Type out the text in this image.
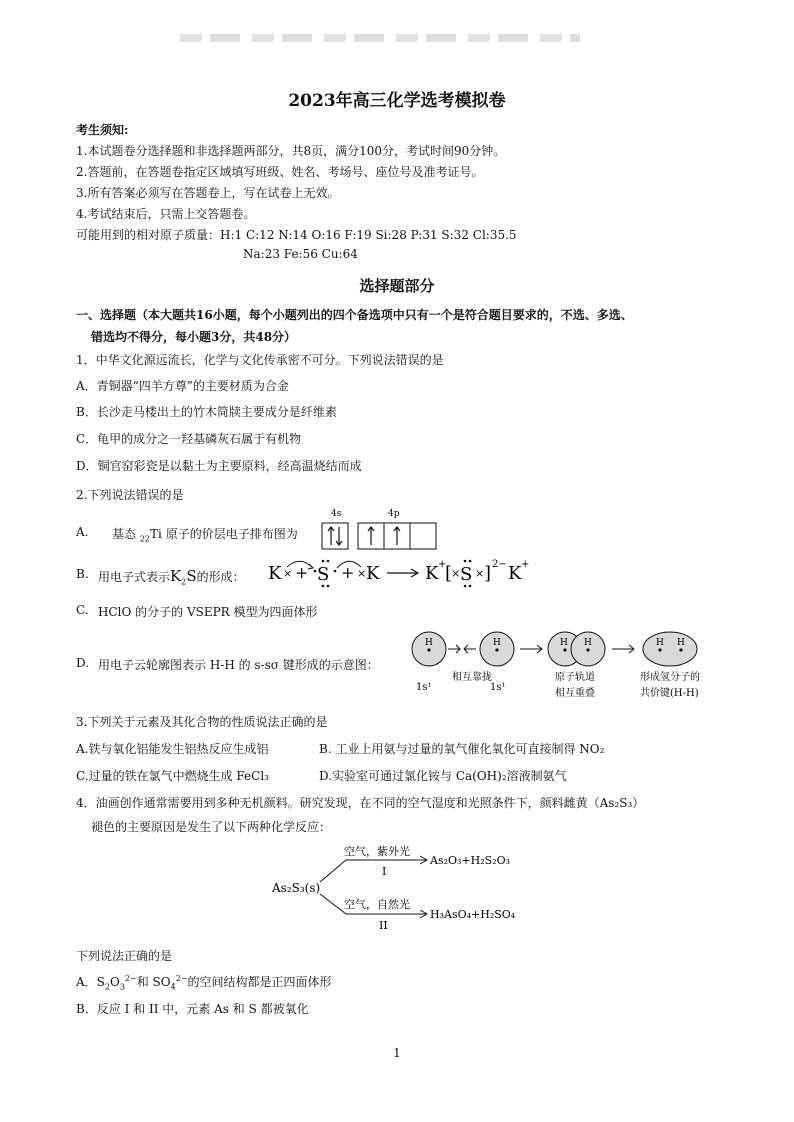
2023年高三化学选考模拟卷
考生须知:
1.本试题卷分选择题和非选择题两部分，共8页，满分100分，考试时间90分钟。
2.答题前，在答题卷指定区域填写班级、姓名、考场号、座位号及准考证号。
3.所有答案必须写在答题卷上，写在试卷上无效。
4.考试结束后，只需上交答题卷。
可能用到的相对原子质量：H:1 C:12 N:14 O:16 F:19 Si:28 P:31 S:32 Cl:35.5
Na:23 Fe:56 Cu:64
选择题部分
一、选择题（本大题共16小题，每个小题列出的四个备选项中只有一个是符合题目要求的，不选、多选、
错选均不得分，每小题3分，共48分）
1．中华文化源远流长，化学与文化传承密不可分。下列说法错误的是
A．青铜器“四羊方尊”的主要材质为合金
B．长沙走马楼出土的竹木简牍主要成分是纤维素
C．龟甲的成分之一羟基磷灰石属于有机物
D．铜官窑彩瓷是以黏土为主要原料，经高温烧结而成
2.下列说法错误的是
A. 基态 $_{22}$Ti 原子的价层电子排布图为
4s	4p
B. 用电子式表示$K_2S$的形成： K × + S + × K	K +
[
× S × ] 2− K +
C. HClO 的分子的 VSEPR 模型为四面体形
D. 用电子云轮廓图表示 H-H 的 s-sσ 键形成的示意图：
H	H	H H	H H
1s¹
相互靠拢
1s¹
原子轨道
相互重叠
形成氢分子的
共价键(H-H)
3.下列关于元素及其化合物的性质说法正确的是
A.铁与氧化铝能发生铝热反应生成铝	B. 工业上用氨与过量的氧气催化氧化可直接制得 NO₂
C.过量的铁在氯气中燃烧生成 FeCl₃	D.实验室可通过氯化铵与 Ca(OH)₂溶液制氨气
4．油画创作通常需要用到多种无机颜料。研究发现，在不同的空气湿度和光照条件下，颜料雌黄（As₂S₃）
褪色的主要原因是发生了以下两种化学反应：
As₂S₃(s)
空气，紫外光
I
空气，自然光
II
As₂O₃+H₂S₂O₃
H₃AsO₄+H₂SO₄
下列说法正确的是
A．$S_2O_3^{2-}$和 $SO_4^{2-}$的空间结构都是正四面体形
B．反应 I 和 II 中，元素 As 和 S 都被氧化
1
